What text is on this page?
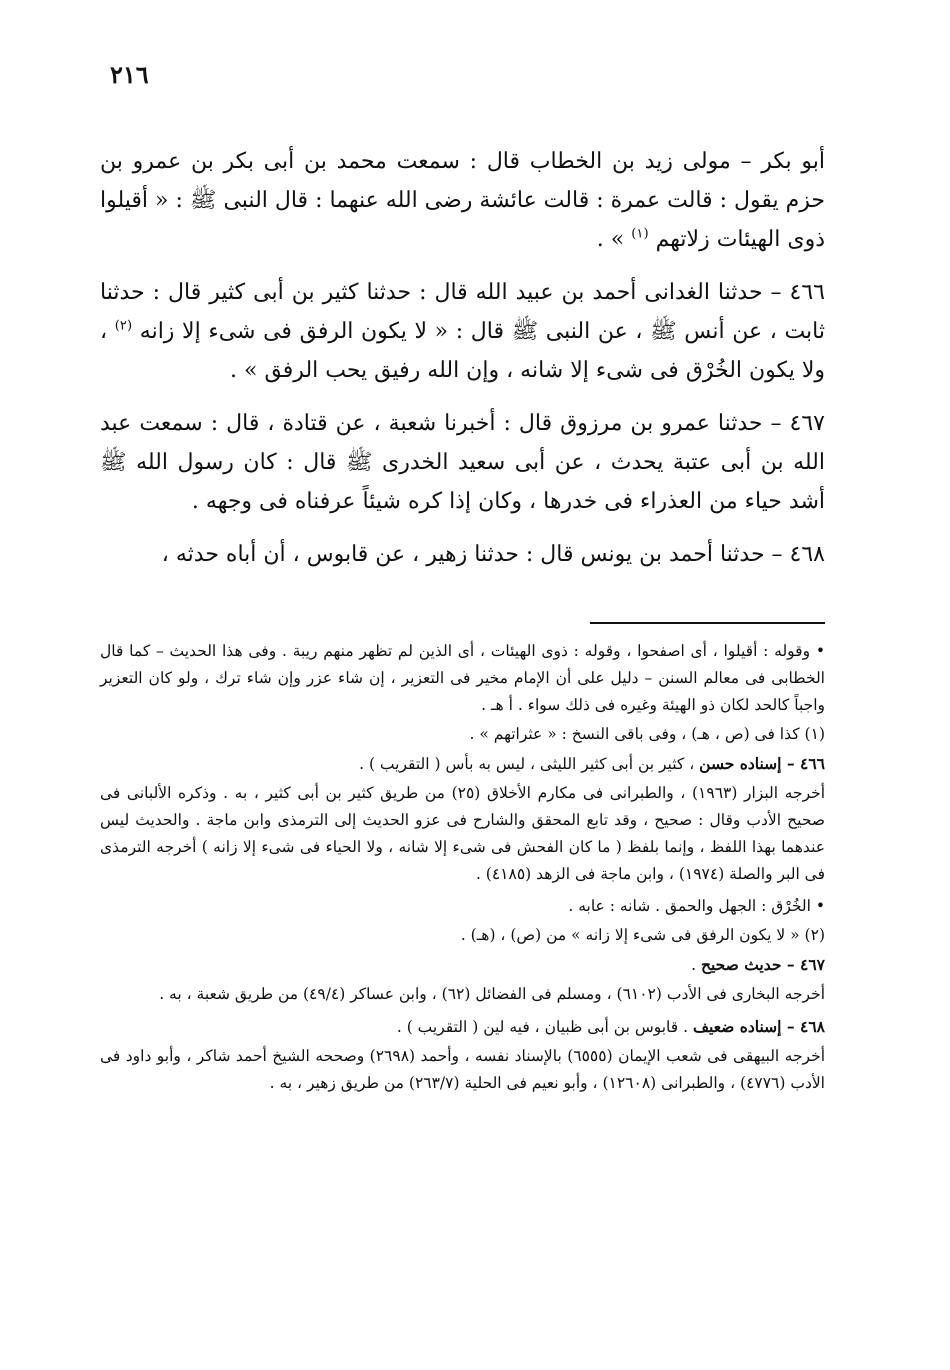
٢١٦

أبو بكر – مولى زيد بن الخطاب قال : سمعت محمد بن أبى بكر بن عمرو بن حزم يقول : قالت عمرة : قالت عائشة رضى الله عنهما : قال النبى ﷺ : « أقيلوا ذوى الهيئات زلاتهم $^{(١)}$ » .

٤٦٦ – حدثنا الغدانى أحمد بن عبيد الله قال : حدثنا كثير بن أبى كثير قال : حدثنا ثابت ، عن أنس ﷺ ، عن النبى ﷺ قال : « لا يكون الرفق فى شىء إلا زانه $^{(٢)}$ ، ولا يكون الخُرْق فى شىء إلا شانه ، وإن الله رفيق يحب الرفق » .

٤٦٧ – حدثنا عمرو بن مرزوق قال : أخبرنا شعبة ، عن قتادة ، قال : سمعت عبد الله بن أبى عتبة يحدث ، عن أبى سعيد الخدرى ﷺ قال : كان رسول الله ﷺ أشد حياء من العذراء فى خدرها ، وكان إذا كره شيئاً عرفناه فى وجهه .

٤٦٨ – حدثنا أحمد بن يونس قال : حدثنا زهير ، عن قابوس ، أن أباه حدثه ،

• وقوله : أقيلوا ، أى اصفحوا ، وقوله : ذوى الهيئات ، أى الذين لم تظهر منهم ريبة . وفى هذا الحديث – كما قال الخطابى فى معالم السنن – دليل على أن الإمام مخير فى التعزير ، إن شاء عزر وإن شاء ترك ، ولو كان التعزير واجباً كالحد لكان ذو الهيئة وغيره فى ذلك سواء . أ هـ .

(١) كذا فى (ص ، هـ) ، وفى باقى النسخ : « عثراتهم » .

٤٦٦ – إسناده حسن ، كثير بن أبى كثير الليثى ، ليس به بأس ( التقريب ) .

أخرجه البزار (١٩٦٣) ، والطبرانى فى مكارم الأخلاق (٢٥) من طريق كثير بن أبى كثير ، به . وذكره الألبانى فى صحيح الأدب وقال : صحيح ، وقد تابع المحقق والشارح فى عزو الحديث إلى الترمذى وابن ماجة . والحديث ليس عندهما بهذا اللفظ ، وإنما بلفظ ( ما كان الفحش فى شىء إلا شانه ، ولا الحياء فى شىء إلا زانه ) أخرجه الترمذى فى البر والصلة (١٩٧٤) ، وابن ماجة فى الزهد (٤١٨٥) .

• الخُرْق : الجهل والحمق . شانه : عابه .

(٢) « لا يكون الرفق فى شىء إلا زانه » من (ص) ، (هـ) .

٤٦٧ – حديث صحيح .

أخرجه البخارى فى الأدب (٦١٠٢) ، ومسلم فى الفضائل (٦٢) ، وابن عساكر (٤٩/٤) من طريق شعبة ، به .

٤٦٨ – إسناده ضعيف . قابوس بن أبى ظبيان ، فيه لين ( التقريب ) .

أخرجه البيهقى فى شعب الإيمان (٦٥٥٥) بالإسناد نفسه ، وأحمد (٢٦٩٨) وصححه الشيخ أحمد شاكر ، وأبو داود فى الأدب (٤٧٧٦) ، والطبرانى (١٢٦٠٨) ، وأبو نعيم فى الحلية (٢٦٣/٧) من طريق زهير ، به .
